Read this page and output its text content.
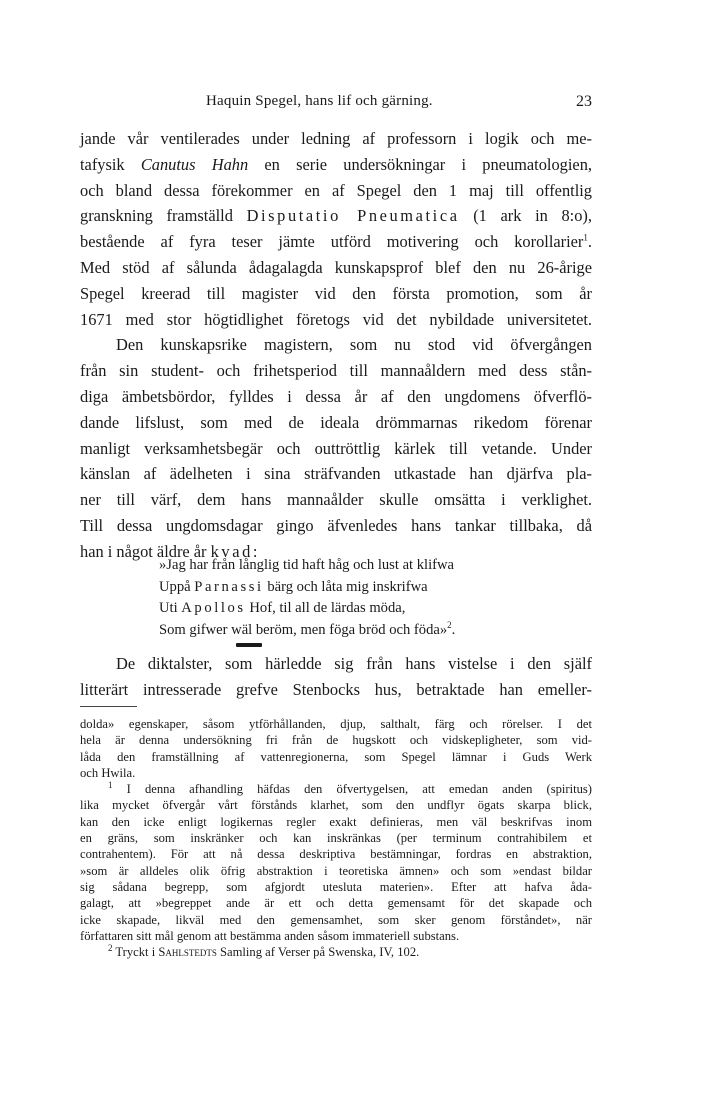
Haquin Spegel, hans lif och gärning.	23
jande vår ventilerades under ledning af professorn i logik och me-
tafysik Canutus Hahn en serie undersökningar i pneumatologien,
och bland dessa förekommer en af Spegel den 1 maj till offentlig
granskning framställd Disputatio Pneumatica (1 ark in 8:o),
bestående af fyra teser jämte utförd motivering och korollarier$^1$.
Med stöd af sålunda ådagalagda kunskapsprof blef den nu 26-årige
Spegel kreerad till magister vid den första promotion, som år
1671 med stor högtidlighet företogs vid det nybildade universitetet.
Den kunskapsrike magistern, som nu stod vid öfvergången
från sin student- och frihetsperiod till mannaåldern med dess stån-
diga ämbetsbördor, fylldes i dessa år af den ungdomens öfverflö-
dande lifslust, som med de ideala drömmarnas rikedom förenar
manligt verksamhetsbegär och outtröttlig kärlek till vetande. Under
känslan af ädelheten i sina sträfvanden utkastade han djärfva pla-
ner till värf, dem hans mannaålder skulle omsätta i verklighet.
Till dessa ungdomsdagar gingo äfvenledes hans tankar tillbaka, då
han i något äldre år kvad:
»Jag har från långlig tid haft håg och lust at klifwa
Uppå Parnassi bärg och låta mig inskrifwa
Uti Apollos Hof, til all de lärdas möda,
Som gifwer wäl beröm, men föga bröd och föda»$^2$.
De diktalster, som härledde sig från hans vistelse i den själf
litterärt intresserade grefve Stenbocks hus, betraktade han emeller-
dolda» egenskaper, såsom ytförhållanden, djup, salthalt, färg och rörelser. I det
hela är denna undersökning fri från de hugskott och vidskepligheter, som vid-
låda den framställning af vattenregionerna, som Spegel lämnar i Guds Werk
och Hwila.
$^1$ I denna afhandling häfdas den öfvertygelsen, att emedan anden (spiritus)
lika mycket öfvergår vårt förstånds klarhet, som den undflyr ögats skarpa blick,
kan den icke enligt logikernas regler exakt definieras, men väl beskrifvas inom
en gräns, som inskränker och kan inskränkas (per terminum contrahibilem et
contrahentem). För att nå dessa deskriptiva bestämningar, fordras en abstraktion,
»som är alldeles olik öfrig abstraktion i teoretiska ämnen» och som »endast bildar
sig sådana begrepp, som afgjordt utesluta materien». Efter att hafva åda-
galagt, att »begreppet ande är ett och detta gemensamt för det skapade och
icke skapade, likväl med den gemensamhet, som sker genom förståndet», när
författaren sitt mål genom att bestämma anden såsom immateriell substans.
$^2$ Tryckt i Sahlstedts Samling af Verser på Swenska, IV, 102.
